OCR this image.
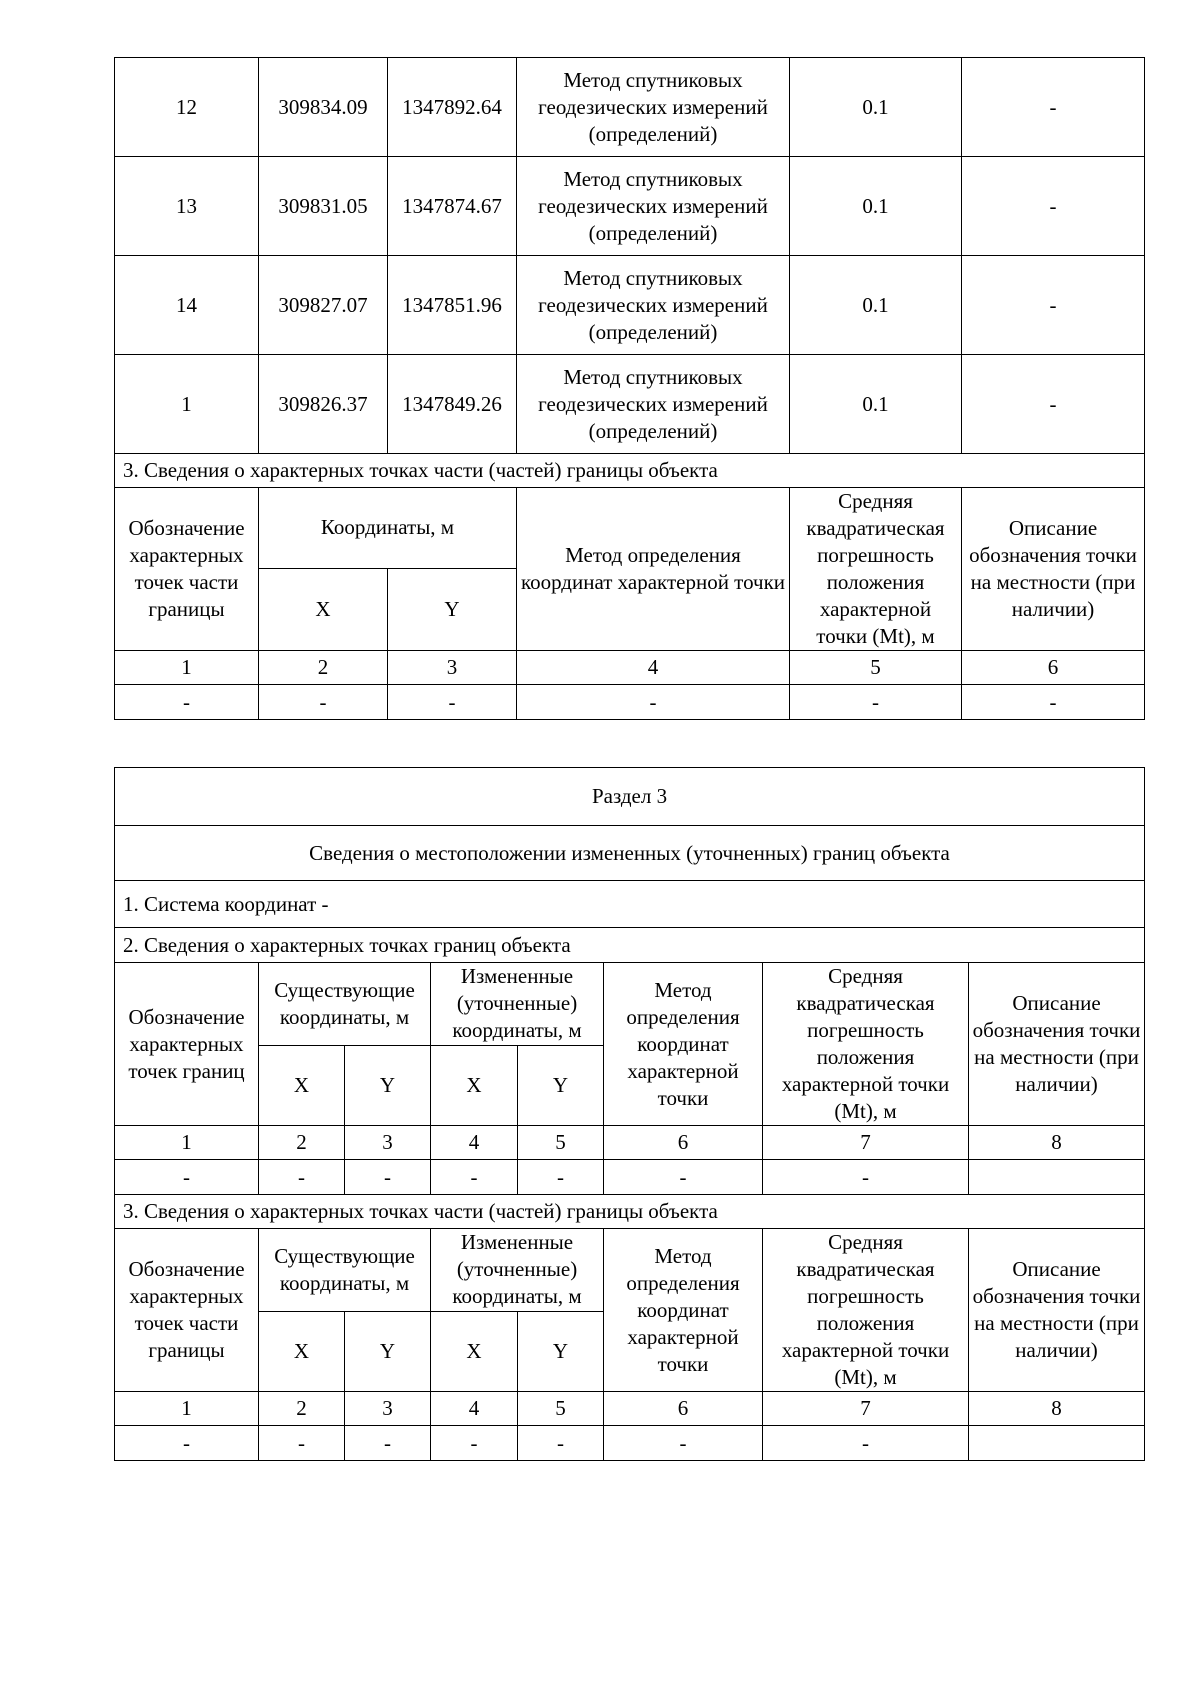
12	309834.09	1347892.64	Метод спутниковых геодезических измерений (определений)	0.1	-
13	309831.05	1347874.67	Метод спутниковых геодезических измерений (определений)	0.1	-
14	309827.07	1347851.96	Метод спутниковых геодезических измерений (определений)	0.1	-
1	309826.37	1347849.26	Метод спутниковых геодезических измерений (определений)	0.1	-
3. Сведения о характерных точках части (частей) границы объекта					
Обозначение характерных точек части границы	Координаты, м		Метод определения координат характерной точки	Средняя квадратическая погрешность положения характерной точки (Mt), м	Описание обозначения точки на местности (при наличии)
	X	Y			
1	2	3	4	5	6
-	-	-	-	-	-
Раздел 3							
Сведения о местоположении измененных (уточненных) границ объекта							
1. Система координат -							
2. Сведения о характерных точках границ объекта							
Обозначение характерных точек границ	Существующие координаты, м		Измененные (уточненные) координаты, м		Метод определения координат характерной точки	Средняя квадратическая погрешность положения характерной точки (Mt), м	Описание обозначения точки на местности (при наличии)
	X	Y	X	Y			
1	2	3	4	5	6	7	8
-	-	-	-	-	-	-	
3. Сведения о характерных точках части (частей) границы объекта							
Обозначение характерных точек части границы	Существующие координаты, м		Измененные (уточненные) координаты, м		Метод определения координат характерной точки	Средняя квадратическая погрешность положения характерной точки (Mt), м	Описание обозначения точки на местности (при наличии)
	X	Y	X	Y			
1	2	3	4	5	6	7	8
-	-	-	-	-	-	-	
